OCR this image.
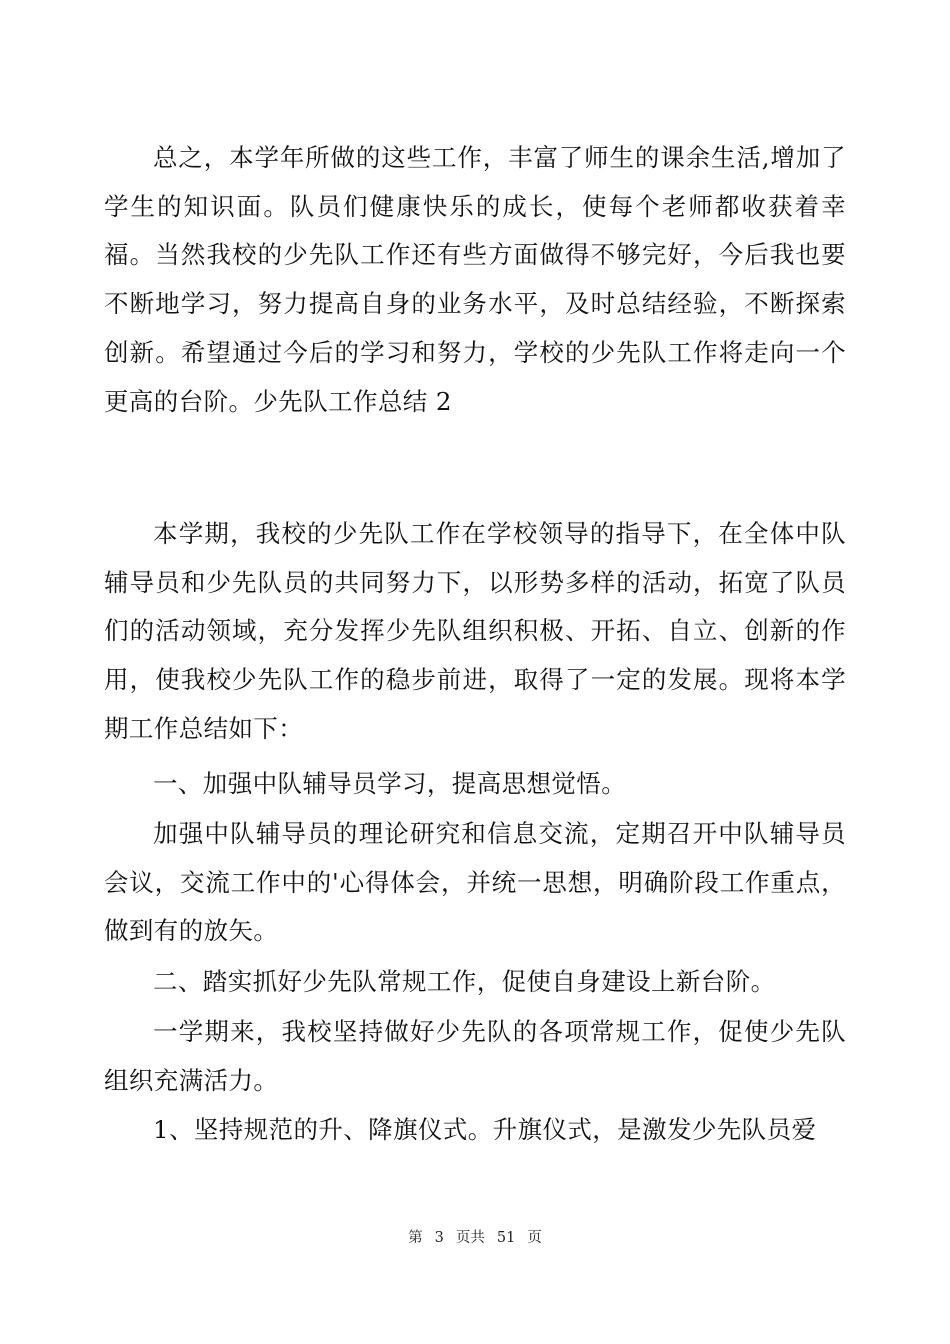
总之，本学年所做的这些工作，丰富了师生的课余生活,增加了学生的知识面。队员们健康快乐的成长，使每个老师都收获着幸福。当然我校的少先队工作还有些方面做得不够完好，今后我也要不断地学习，努力提高自身的业务水平，及时总结经验，不断探索创新。希望通过今后的学习和努力，学校的少先队工作将走向一个更高的台阶。少先队工作总结 2

本学期，我校的少先队工作在学校领导的指导下，在全体中队辅导员和少先队员的共同努力下，以形势多样的活动，拓宽了队员们的活动领域，充分发挥少先队组织积极、开拓、自立、创新的作用，使我校少先队工作的稳步前进，取得了一定的发展。现将本学期工作总结如下：

一、加强中队辅导员学习，提高思想觉悟。

加强中队辅导员的理论研究和信息交流，定期召开中队辅导员会议，交流工作中的'心得体会，并统一思想，明确阶段工作重点，做到有的放矢。

二、踏实抓好少先队常规工作，促使自身建设上新台阶。

一学期来，我校坚持做好少先队的各项常规工作，促使少先队组织充满活力。

1、坚持规范的升、降旗仪式。升旗仪式，是激发少先队员爱

第 3 页共 51 页
